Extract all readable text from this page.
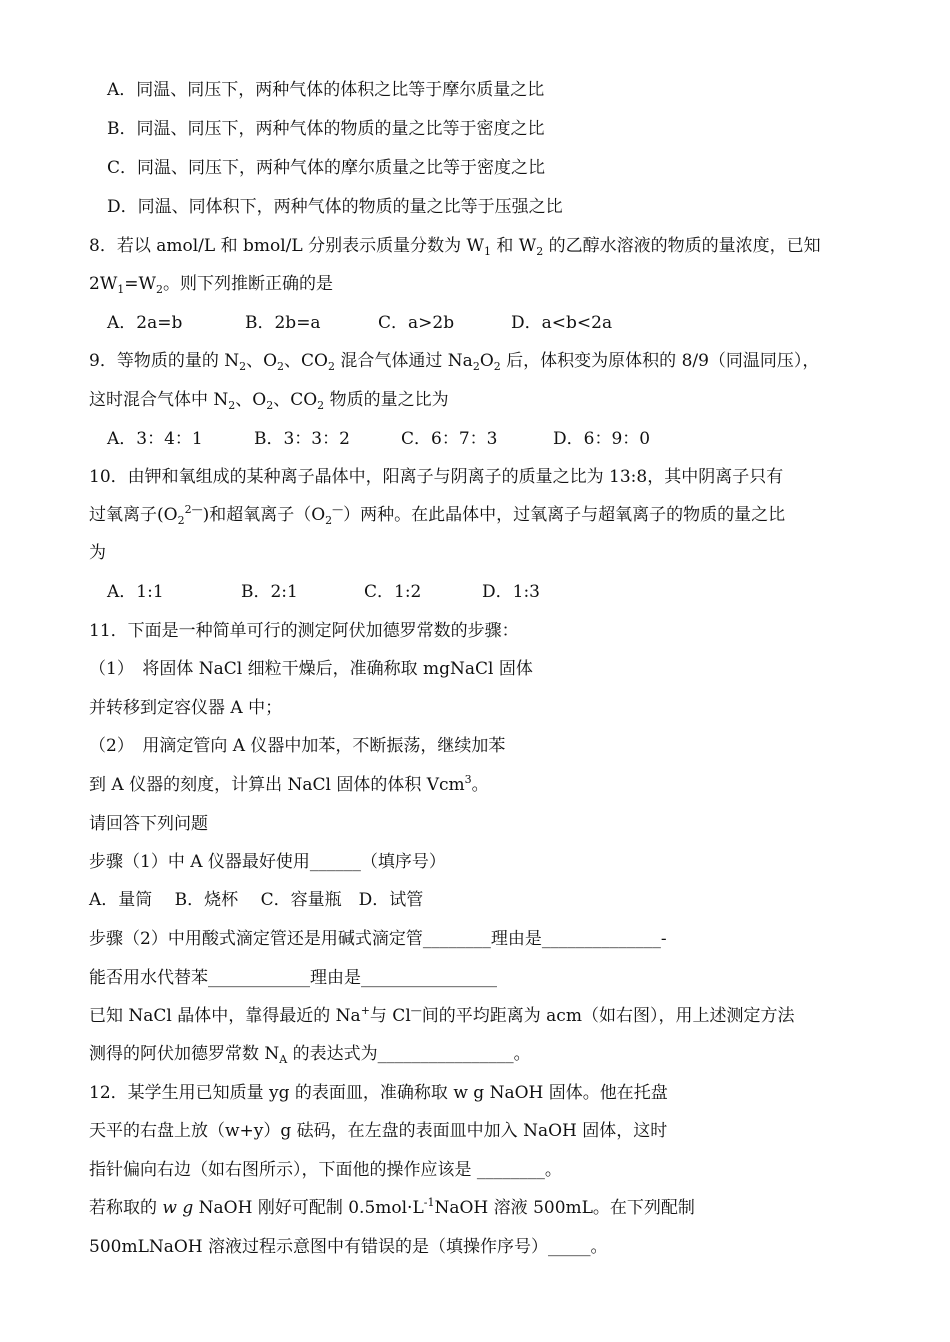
A．同温、同压下，两种气体的体积之比等于摩尔质量之比
B．同温、同压下，两种气体的物质的量之比等于密度之比
C．同温、同压下，两种气体的摩尔质量之比等于密度之比
D．同温、同体积下，两种气体的物质的量之比等于压强之比
8．若以 amol/L 和 bmol/L 分别表示质量分数为 $W_1$ 和 $W_2$ 的乙醇水溶液的物质的量浓度，已知
$2W_1=W_2$。则下列推断正确的是
A．2a=b	B．2b=a	C．a>2b	D．a<b<2a
9．等物质的量的 $N_2$、$O_2$、$CO_2$ 混合气体通过 $Na_2O_2$ 后，体积变为原体积的 8/9（同温同压），
这时混合气体中 $N_2$、$O_2$、$CO_2$ 物质的量之比为
A．3：4：1	B．3：3：2	C．6：7：3	D．6：9：0
10．由钾和氧组成的某种离子晶体中，阳离子与阴离子的质量之比为 13:8，其中阴离子只有
过氧离子$(O_2^{2—})$和超氧离子$(O_2^—)$两种。在此晶体中，过氧离子与超氧离子的物质的量之比
为
A．1:1	B．2:1	C．1:2	D．1:3
11．下面是一种简单可行的测定阿伏加德罗常数的步骤：
（1）　将固体 NaCl 细粒干燥后，准确称取 mgNaCl 固体
并转移到定容仪器 A 中；
（2）　用滴定管向 A 仪器中加苯，不断振荡，继续加苯
到 A 仪器的刻度，计算出 NaCl 固体的体积 Vcm$^3$。
请回答下列问题
步骤（1）中 A 仪器最好使用______（填序号）
A．量筒　 B．烧杯　 C．容量瓶　D．试管
步骤（2）中用酸式滴定管还是用碱式滴定管________理由是______________-
能否用水代替苯____________理由是________________
已知 NaCl 晶体中，靠得最近的 Na+与 Cl—间的平均距离为 acm（如右图），用上述测定方法
测得的阿伏加德罗常数 $N_A$ 的表达式为________________。
12．某学生用已知质量 yg 的表面皿，准确称取 w g NaOH 固体。他在托盘
天平的右盘上放（w+y）g 砝码，在左盘的表面皿中加入 NaOH 固体，这时
指针偏向右边（如右图所示），下面他的操作应该是 ________。
若称取的 w g NaOH 刚好可配制 $0.5mol\cdot L^{-1}NaOH$ 溶液 500mL。在下列配制
500mLNaOH 溶液过程示意图中有错误的是（填操作序号）_____。
